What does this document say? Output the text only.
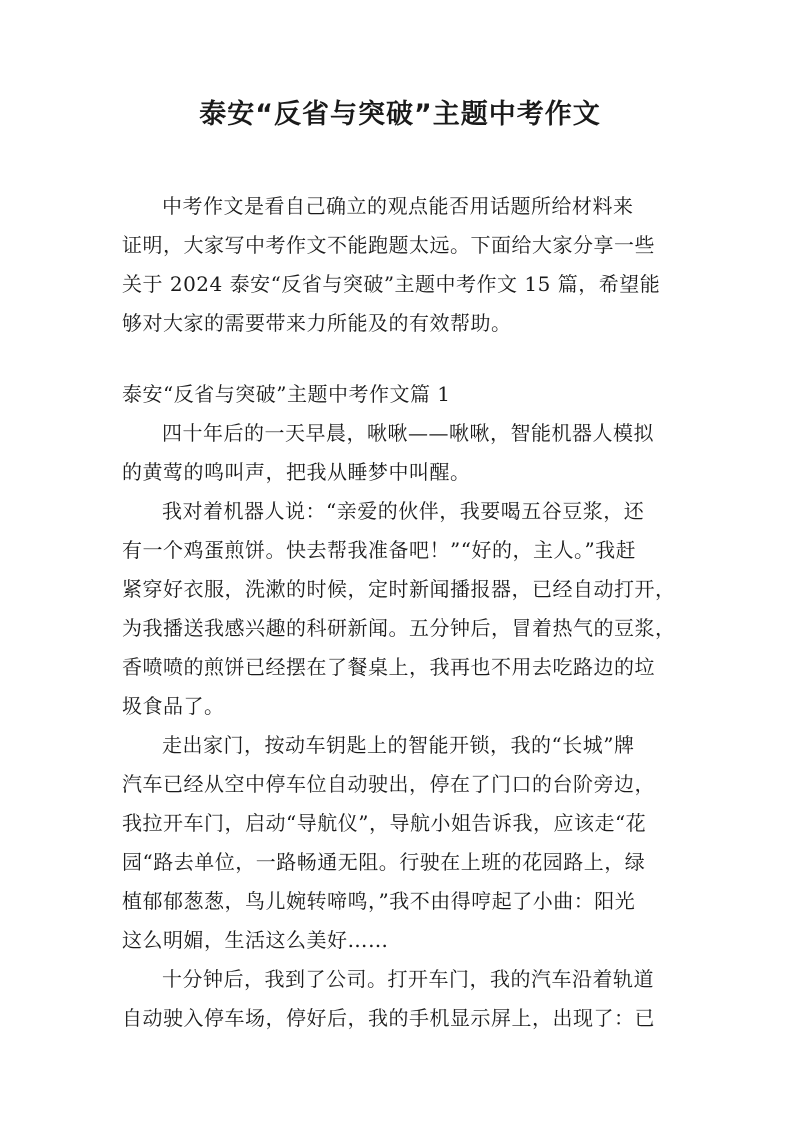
泰安“反省与突破”主题中考作文
中考作文是看自己确立的观点能否用话题所给材料来
证明，大家写中考作文不能跑题太远。下面给大家分享一些
关于 2024 泰安“反省与突破”主题中考作文 15 篇，希望能
够对大家的需要带来力所能及的有效帮助。
泰安“反省与突破”主题中考作文篇 1
四十年后的一天早晨，啾啾——啾啾，智能机器人模拟
的黄莺的鸣叫声，把我从睡梦中叫醒。
我对着机器人说：“亲爱的伙伴，我要喝五谷豆浆，还
有一个鸡蛋煎饼。快去帮我准备吧！”“好的，主人。”我赶
紧穿好衣服，洗漱的时候，定时新闻播报器，已经自动打开，
为我播送我感兴趣的科研新闻。五分钟后，冒着热气的豆浆，
香喷喷的煎饼已经摆在了餐桌上，我再也不用去吃路边的垃
圾食品了。
走出家门，按动车钥匙上的智能开锁，我的“长城”牌
汽车已经从空中停车位自动驶出，停在了门口的台阶旁边，
我拉开车门，启动“导航仪”，导航小姐告诉我，应该走“花
园“路去单位，一路畅通无阻。行驶在上班的花园路上，绿
植郁郁葱葱，鸟儿婉转啼鸣，”我不由得哼起了小曲：阳光
这么明媚，生活这么美好……
十分钟后，我到了公司。打开车门，我的汽车沿着轨道
自动驶入停车场，停好后，我的手机显示屏上，出现了：已
